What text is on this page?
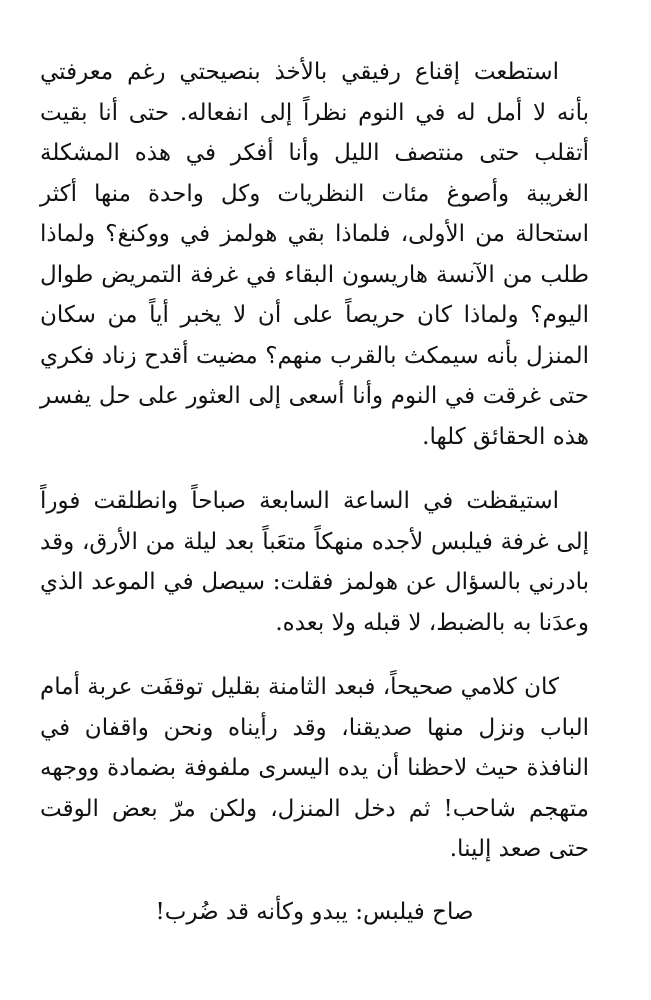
استطعت إقناع رفيقي بالأخذ بنصيحتي رغم معرفتي بأنه لا أمل له في النوم نظراً إلى انفعاله. حتى أنا بقيت أتقلب حتى منتصف الليل وأنا أفكر في هذه المشكلة الغريبة وأصوغ مئات النظريات وكل واحدة منها أكثر استحالة من الأولى، فلماذا بقي هولمز في ووكنغ؟ ولماذا طلب من الآنسة هاريسون البقاء في غرفة التمريض طوال اليوم؟ ولماذا كان حريصاً على أن لا يخبر أياً من سكان المنزل بأنه سيمكث بالقرب منهم؟ مضيت أقدح زناد فكري حتى غرقت في النوم وأنا أسعى إلى العثور على حل يفسر هذه الحقائق كلها.

استيقظت في الساعة السابعة صباحاً وانطلقت فوراً إلى غرفة فيلبس لأجده منهكاً متعَباً بعد ليلة من الأرق، وقد بادرني بالسؤال عن هولمز فقلت: سيصل في الموعد الذي وعدَنا به بالضبط، لا قبله ولا بعده.

كان كلامي صحيحاً، فبعد الثامنة بقليل توقفَت عربة أمام الباب ونزل منها صديقنا، وقد رأيناه ونحن واقفان في النافذة حيث لاحظنا أن يده اليسرى ملفوفة بضمادة ووجهه متهجم شاحب! ثم دخل المنزل، ولكن مرّ بعض الوقت حتى صعد إلينا.

صاح فيلبس: يبدو وكأنه قد ضُرب!
